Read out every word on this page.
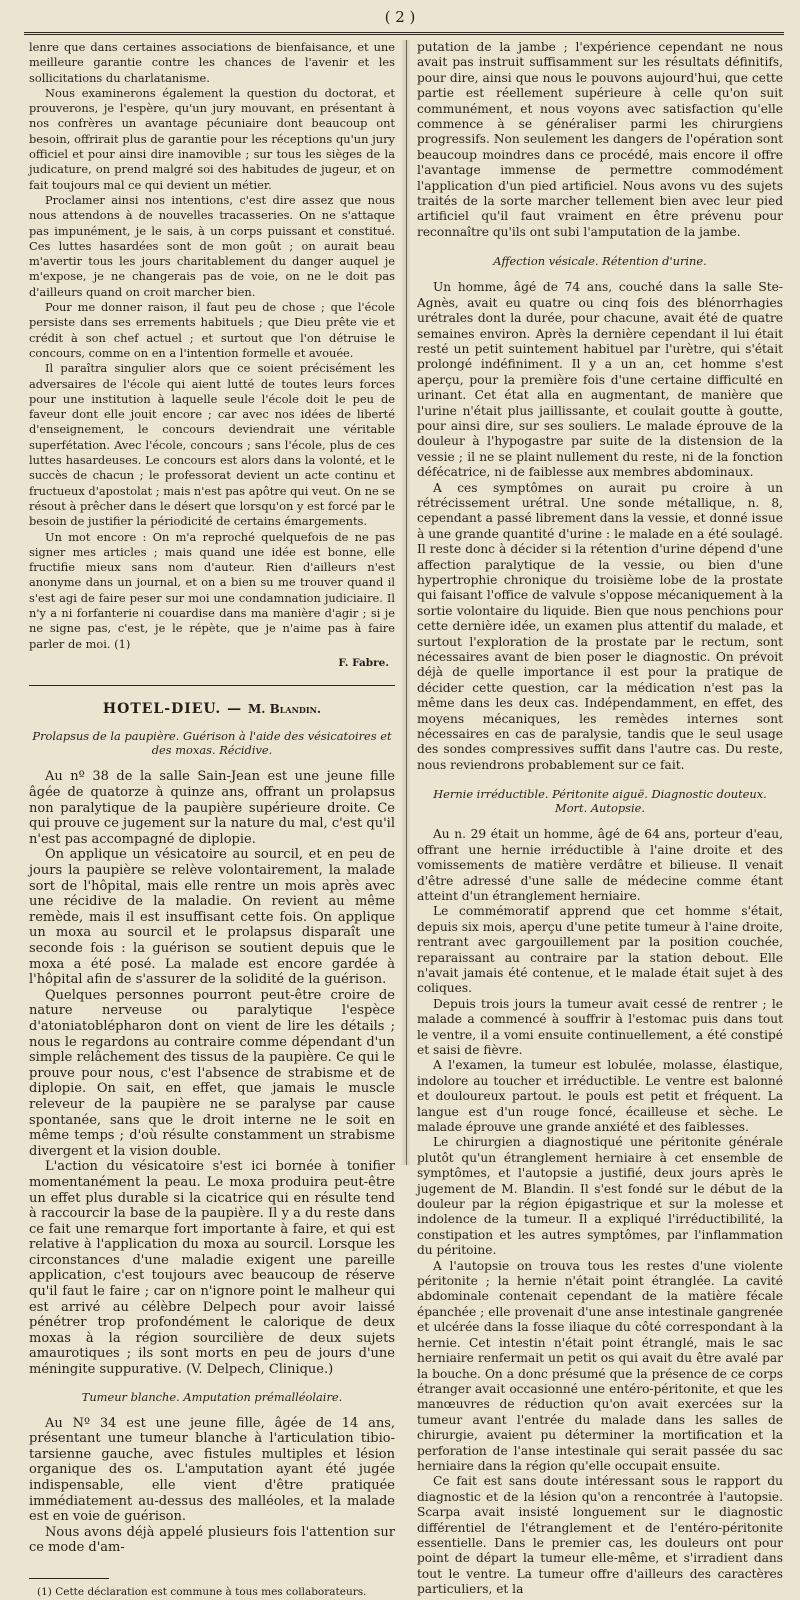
( 2 )

lenre que dans certaines associations de bienfaisance, et une meilleure garantie contre les chances de l'avenir et les sollicitations du charlatanisme.

Nous examinerons également la question du doctorat, et prouverons, je l'espère, qu'un jury mouvant, en présentant à nos confrères un avantage pécuniaire dont beaucoup ont besoin, offrirait plus de garantie pour les réceptions qu'un jury officiel et pour ainsi dire inamovible ; sur tous les sièges de la judicature, on prend malgré soi des habitudes de jugeur, et on fait toujours mal ce qui devient un métier.

Proclamer ainsi nos intentions, c'est dire assez que nous nous attendons à de nouvelles tracasseries. On ne s'attaque pas impunément, je le sais, à un corps puissant et constitué. Ces luttes hasardées sont de mon goût ; on aurait beau m'avertir tous les jours charitablement du danger auquel je m'expose, je ne changerais pas de voie, on ne le doit pas d'ailleurs quand on croit marcher bien.

Pour me donner raison, il faut peu de chose ; que l'école persiste dans ses errements habituels ; que Dieu prête vie et crédit à son chef actuel ; et surtout que l'on détruise le concours, comme on en a l'intention formelle et avouée.

Il paraîtra singulier alors que ce soient précisément les adversaires de l'école qui aient lutté de toutes leurs forces pour une institution à laquelle seule l'école doit le peu de faveur dont elle jouit encore ; car avec nos idées de liberté d'enseignement, le concours deviendrait une véritable superfétation. Avec l'école, concours ; sans l'école, plus de ces luttes hasardeuses. Le concours est alors dans la volonté, et le succès de chacun ; le professorat devient un acte continu et fructueux d'apostolat ; mais n'est pas apôtre qui veut. On ne se résout à prêcher dans le désert que lorsqu'on y est forcé par le besoin de justifier la périodicité de certains émargements.

Un mot encore : On m'a reproché quelquefois de ne pas signer mes articles ; mais quand une idée est bonne, elle fructifie mieux sans nom d'auteur. Rien d'ailleurs n'est anonyme dans un journal, et on a bien su me trouver quand il s'est agi de faire peser sur moi une condamnation judiciaire. Il n'y a ni forfanterie ni couardise dans ma manière d'agir ; si je ne signe pas, c'est, je le répète, que je n'aime pas à faire parler de moi. (1)

F. Fabre.
HOTEL-DIEU. — M. Blandin.
Prolapsus de la paupière. Guérison à l'aide des vésicatoires et des moxas. Récidive.

Au nº 38 de la salle Sain-Jean est une jeune fille âgée de quatorze à quinze ans, offrant un prolapsus non paralytique de la paupière supérieure droite. Ce qui prouve ce jugement sur la nature du mal, c'est qu'il n'est pas accompagné de diplopie.

On applique un vésicatoire au sourcil, et en peu de jours la paupière se relève volontairement, la malade sort de l'hôpital, mais elle rentre un mois après avec une récidive de la maladie. On revient au même remède, mais il est insuffisant cette fois. On applique un moxa au sourcil et le prolapsus disparaît une seconde fois : la guérison se soutient depuis que le moxa a été posé. La malade est encore gardée à l'hôpital afin de s'assurer de la solidité de la guérison.

Quelques personnes pourront peut-être croire de nature nerveuse ou paralytique l'espèce d'atoniatoblépharon dont on vient de lire les détails ; nous le regardons au contraire comme dépendant d'un simple relâchement des tissus de la paupière. Ce qui le prouve pour nous, c'est l'absence de strabisme et de diplopie. On sait, en effet, que jamais le muscle releveur de la paupière ne se paralyse par cause spontanée, sans que le droit interne ne le soit en même temps ; d'où résulte constamment un strabisme divergent et la vision double.

L'action du vésicatoire s'est ici bornée à tonifier momentanément la peau. Le moxa produira peut-être un effet plus durable si la cicatrice qui en résulte tend à raccourcir la base de la paupière. Il y a du reste dans ce fait une remarque fort importante à faire, et qui est relative à l'application du moxa au sourcil. Lorsque les circonstances d'une maladie exigent une pareille application, c'est toujours avec beaucoup de réserve qu'il faut le faire ; car on n'ignore point le malheur qui est arrivé au célèbre Delpech pour avoir laissé pénétrer trop profondément le calorique de deux moxas à la région sourcilière de deux sujets amaurotiques ; ils sont morts en peu de jours d'une méningite suppurative. (V. Delpech, Clinique.)

Tumeur blanche. Amputation prémalléolaire.

Au Nº 34 est une jeune fille, âgée de 14 ans, présentant une tumeur blanche à l'articulation tibio-tarsienne gauche, avec fistules multiples et lésion organique des os. L'amputation ayant été jugée indispensable, elle vient d'être pratiquée immédiatement au-dessus des malléoles, et la malade est en voie de guérison.

Nous avons déjà appelé plusieurs fois l'attention sur ce mode d'am-

(1) Cette déclaration est commune à tous mes collaborateurs.

putation de la jambe ; l'expérience cependant ne nous avait pas instruit suffisamment sur les résultats définitifs, pour dire, ainsi que nous le pouvons aujourd'hui, que cette partie est réellement supérieure à celle qu'on suit communément, et nous voyons avec satisfaction qu'elle commence à se généraliser parmi les chirurgiens progressifs. Non seulement les dangers de l'opération sont beaucoup moindres dans ce procédé, mais encore il offre l'avantage immense de permettre commodément l'application d'un pied artificiel. Nous avons vu des sujets traités de la sorte marcher tellement bien avec leur pied artificiel qu'il faut vraiment en être prévenu pour reconnaître qu'ils ont subi l'amputation de la jambe.

Affection vésicale. Rétention d'urine.

Un homme, âgé de 74 ans, couché dans la salle Ste-Agnès, avait eu quatre ou cinq fois des blénorrhagies urétrales dont la durée, pour chacune, avait été de quatre semaines environ. Après la dernière cependant il lui était resté un petit suintement habituel par l'urètre, qui s'était prolongé indéfiniment. Il y a un an, cet homme s'est aperçu, pour la première fois d'une certaine difficulté en urinant. Cet état alla en augmentant, de manière que l'urine n'était plus jaillissante, et coulait goutte à goutte, pour ainsi dire, sur ses souliers. Le malade éprouve de la douleur à l'hypogastre par suite de la distension de la vessie ; il ne se plaint nullement du reste, ni de la fonction défécatrice, ni de faiblesse aux membres abdominaux.

A ces symptômes on aurait pu croire à un rétrécissement urétral. Une sonde métallique, n. 8, cependant a passé librement dans la vessie, et donné issue à une grande quantité d'urine : le malade en a été soulagé. Il reste donc à décider si la rétention d'urine dépend d'une affection paralytique de la vessie, ou bien d'une hypertrophie chronique du troisième lobe de la prostate qui faisant l'office de valvule s'oppose mécaniquement à la sortie volontaire du liquide. Bien que nous penchions pour cette dernière idée, un examen plus attentif du malade, et surtout l'exploration de la prostate par le rectum, sont nécessaires avant de bien poser le diagnostic. On prévoit déjà de quelle importance il est pour la pratique de décider cette question, car la médication n'est pas la même dans les deux cas. Indépendamment, en effet, des moyens mécaniques, les remèdes internes sont nécessaires en cas de paralysie, tandis que le seul usage des sondes compressives suffit dans l'autre cas. Du reste, nous reviendrons probablement sur ce fait.

Hernie irréductible. Péritonite aiguë. Diagnostic douteux. Mort. Autopsie.

Au n. 29 était un homme, âgé de 64 ans, porteur d'eau, offrant une hernie irréductible à l'aine droite et des vomissements de matière verdâtre et bilieuse. Il venait d'être adressé d'une salle de médecine comme étant atteint d'un étranglement herniaire.

Le commémoratif apprend que cet homme s'était, depuis six mois, aperçu d'une petite tumeur à l'aine droite, rentrant avec gargouillement par la position couchée, reparaissant au contraire par la station debout. Elle n'avait jamais été contenue, et le malade était sujet à des coliques.

Depuis trois jours la tumeur avait cessé de rentrer ; le malade a commencé à souffrir à l'estomac puis dans tout le ventre, il a vomi ensuite continuellement, a été constipé et saisi de fièvre.

A l'examen, la tumeur est lobulée, molasse, élastique, indolore au toucher et irréductible. Le ventre est balonné et douloureux partout. le pouls est petit et fréquent. La langue est d'un rouge foncé, écailleuse et sèche. Le malade éprouve une grande anxiété et des faiblesses.

Le chirurgien a diagnostiqué une péritonite générale plutôt qu'un étranglement herniaire à cet ensemble de symptômes, et l'autopsie a justifié, deux jours après le jugement de M. Blandin. Il s'est fondé sur le début de la douleur par la région épigastrique et sur la molesse et indolence de la tumeur. Il a expliqué l'irréductibilité, la constipation et les autres symptômes, par l'inflammation du péritoine.

A l'autopsie on trouva tous les restes d'une violente péritonite ; la hernie n'était point étranglée. La cavité abdominale contenait cependant de la matière fécale épanchée ; elle provenait d'une anse intestinale gangrenée et ulcérée dans la fosse iliaque du côté correspondant à la hernie. Cet intestin n'était point étranglé, mais le sac herniaire renfermait un petit os qui avait du être avalé par la bouche. On a donc présumé que la présence de ce corps étranger avait occasionné une entéro-péritonite, et que les manœuvres de réduction qu'on avait exercées sur la tumeur avant l'entrée du malade dans les salles de chirurgie, avaient pu déterminer la mortification et la perforation de l'anse intestinale qui serait passée du sac herniaire dans la région qu'elle occupait ensuite.

Ce fait est sans doute intéressant sous le rapport du diagnostic et de la lésion qu'on a rencontrée à l'autopsie. Scarpa avait insisté longuement sur le diagnostic différentiel de l'étranglement et de l'entéro-péritonite essentielle. Dans le premier cas, les douleurs ont pour point de départ la tumeur elle-même, et s'irradient dans tout le ventre. La tumeur offre d'ailleurs des caractères particuliers, et la
